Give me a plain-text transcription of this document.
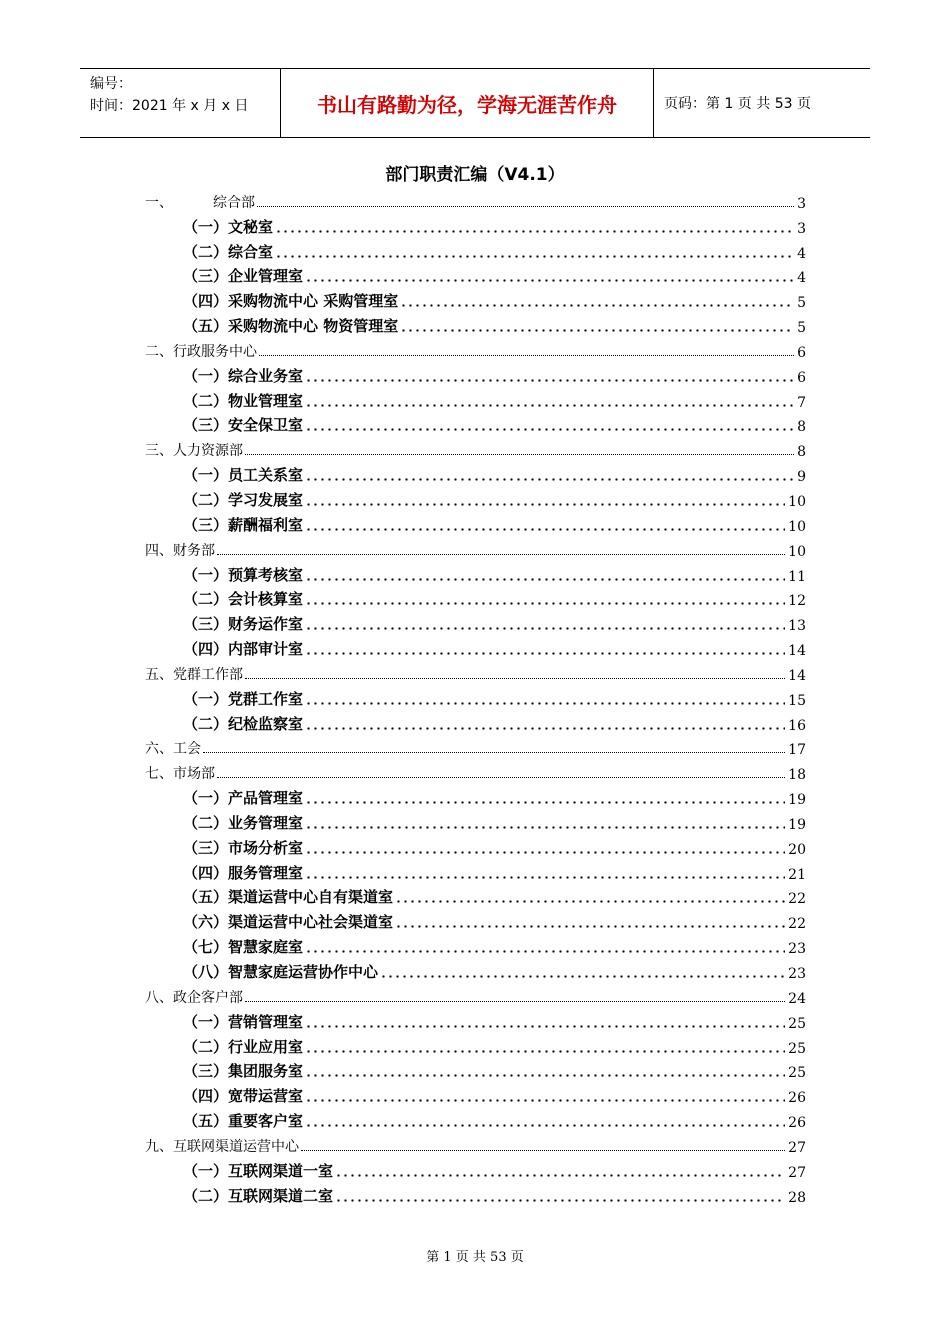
编号：
时间：2021 年 x 月 x 日	书山有路勤为径，学海无涯苦作舟	页码：第 1 页 共 53 页
部门职责汇编（V4.1）
一、	综合部	3
（一）文秘室	3
（二）综合室	4
（三）企业管理室	4
（四）采购物流中心 采购管理室	5
（五）采购物流中心 物资管理室	5
二、行政服务中心	6
（一）综合业务室	6
（二）物业管理室	7
（三）安全保卫室	8
三、人力资源部	8
（一）员工关系室	9
（二）学习发展室	10
（三）薪酬福利室	10
四、财务部	10
（一）预算考核室	11
（二）会计核算室	12
（三）财务运作室	13
（四）内部审计室	14
五、党群工作部	14
（一）党群工作室	15
（二）纪检监察室	16
六、工会	17
七、市场部	18
（一）产品管理室	19
（二）业务管理室	19
（三）市场分析室	20
（四）服务管理室	21
（五）渠道运营中心自有渠道室	22
（六）渠道运营中心社会渠道室	22
（七）智慧家庭室	23
（八）智慧家庭运营协作中心	23
八、政企客户部	24
（一）营销管理室	25
（二）行业应用室	25
（三）集团服务室	25
（四）宽带运营室	26
（五）重要客户室	26
九、互联网渠道运营中心	27
（一）互联网渠道一室	27
（二）互联网渠道二室	28
第 1 页 共 53 页
